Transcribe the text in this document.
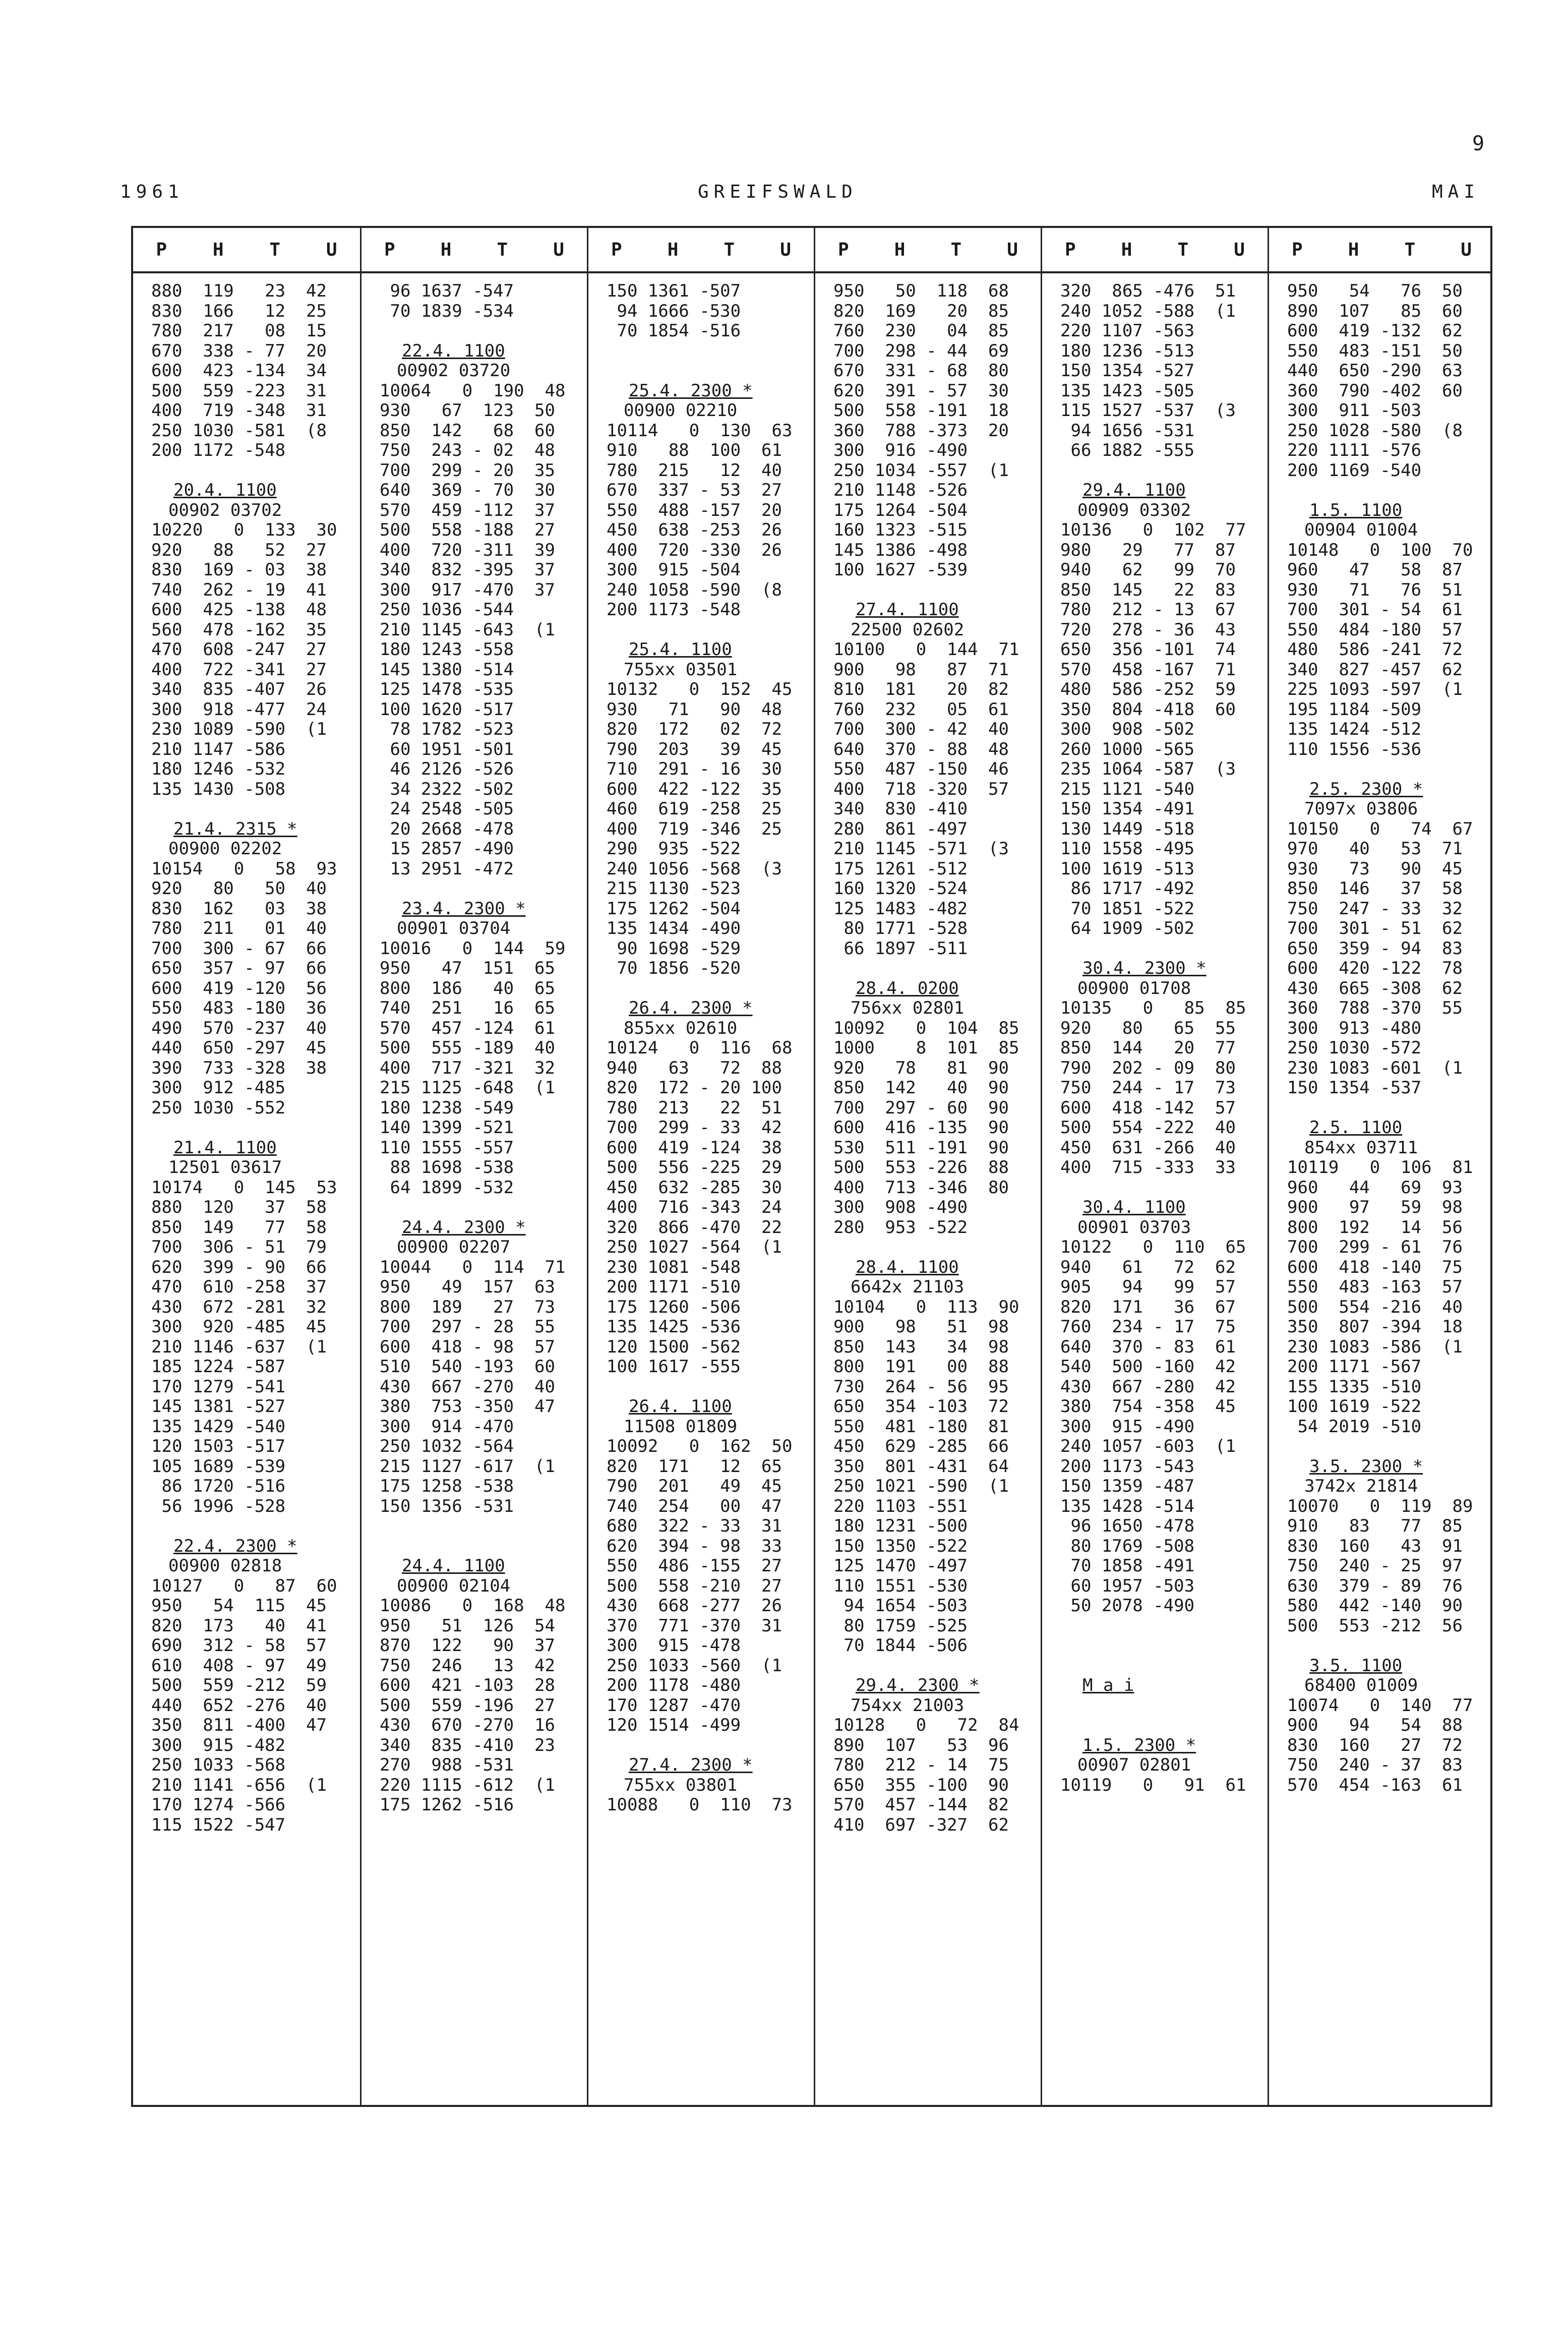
9
1961	GREIFSWALD	MAI
P	H	T	U
880  119   23  42
830  166   12  25
780  217   08  15
670  338 - 77  20
600  423 -134  34
500  559 -223  31
400  719 -348  31
250 1030 -581  (8
200 1172 -548
20.4. 1100
00902 03702
10220   0  133  30
920   88   52  27
830  169 - 03  38
740  262 - 19  41
600  425 -138  48
560  478 -162  35
470  608 -247  27
400  722 -341  27
340  835 -407  26
300  918 -477  24
230 1089 -590  (1
210 1147 -586
180 1246 -532
135 1430 -508
21.4. 2315 *
00900 02202
10154   0   58  93
920   80   50  40
830  162   03  38
780  211   01  40
700  300 - 67  66
650  357 - 97  66
600  419 -120  56
550  483 -180  36
490  570 -237  40
440  650 -297  45
390  733 -328  38
300  912 -485
250 1030 -552
21.4. 1100
12501 03617
10174   0  145  53
880  120   37  58
850  149   77  58
700  306 - 51  79
620  399 - 90  66
470  610 -258  37
430  672 -281  32
300  920 -485  45
210 1146 -637  (1
185 1224 -587
170 1279 -541
145 1381 -527
135 1429 -540
120 1503 -517
105 1689 -539
86 1720 -516
56 1996 -528
22.4. 2300 *
00900 02818
10127   0   87  60
950   54  115  45
820  173   40  41
690  312 - 58  57
610  408 - 97  49
500  559 -212  59
440  652 -276  40
350  811 -400  47
300  915 -482
250 1033 -568
210 1141 -656  (1
170 1274 -566
115 1522 -547
P	H	T	U
96 1637 -547
70 1839 -534
22.4. 1100
00902 03720
10064   0  190  48
930   67  123  50
850  142   68  60
750  243 - 02  48
700  299 - 20  35
640  369 - 70  30
570  459 -112  37
500  558 -188  27
400  720 -311  39
340  832 -395  37
300  917 -470  37
250 1036 -544
210 1145 -643  (1
180 1243 -558
145 1380 -514
125 1478 -535
100 1620 -517
78 1782 -523
60 1951 -501
46 2126 -526
34 2322 -502
24 2548 -505
20 2668 -478
15 2857 -490
13 2951 -472
23.4. 2300 *
00901 03704
10016   0  144  59
950   47  151  65
800  186   40  65
740  251   16  65
570  457 -124  61
500  555 -189  40
400  717 -321  32
215 1125 -648  (1
180 1238 -549
140 1399 -521
110 1555 -557
88 1698 -538
64 1899 -532
24.4. 2300 *
00900 02207
10044   0  114  71
950   49  157  63
800  189   27  73
700  297 - 28  55
600  418 - 98  57
510  540 -193  60
430  667 -270  40
380  753 -350  47
300  914 -470
250 1032 -564
215 1127 -617  (1
175 1258 -538
150 1356 -531
24.4. 1100
00900 02104
10086   0  168  48
950   51  126  54
870  122   90  37
750  246   13  42
600  421 -103  28
500  559 -196  27
430  670 -270  16
340  835 -410  23
270  988 -531
220 1115 -612  (1
175 1262 -516
P	H	T	U
150 1361 -507
94 1666 -530
70 1854 -516
25.4. 2300 *
00900 02210
10114   0  130  63
910   88  100  61
780  215   12  40
670  337 - 53  27
550  488 -157  20
450  638 -253  26
400  720 -330  26
300  915 -504
240 1058 -590  (8
200 1173 -548
25.4. 1100
755xx 03501
10132   0  152  45
930   71   90  48
820  172   02  72
790  203   39  45
710  291 - 16  30
600  422 -122  35
460  619 -258  25
400  719 -346  25
290  935 -522
240 1056 -568  (3
215 1130 -523
175 1262 -504
135 1434 -490
90 1698 -529
70 1856 -520
26.4. 2300 *
855xx 02610
10124   0  116  68
940   63   72  88
820  172 - 20 100
780  213   22  51
700  299 - 33  42
600  419 -124  38
500  556 -225  29
450  632 -285  30
400  716 -343  24
320  866 -470  22
250 1027 -564  (1
230 1081 -548
200 1171 -510
175 1260 -506
135 1425 -536
120 1500 -562
100 1617 -555
26.4. 1100
11508 01809
10092   0  162  50
820  171   12  65
790  201   49  45
740  254   00  47
680  322 - 33  31
620  394 - 98  33
550  486 -155  27
500  558 -210  27
430  668 -277  26
370  771 -370  31
300  915 -478
250 1033 -560  (1
200 1178 -480
170 1287 -470
120 1514 -499
27.4. 2300 *
755xx 03801
10088   0  110  73
P	H	T	U
950   50  118  68
820  169   20  85
760  230   04  85
700  298 - 44  69
670  331 - 68  80
620  391 - 57  30
500  558 -191  18
360  788 -373  20
300  916 -490
250 1034 -557  (1
210 1148 -526
175 1264 -504
160 1323 -515
145 1386 -498
100 1627 -539
27.4. 1100
22500 02602
10100   0  144  71
900   98   87  71
810  181   20  82
760  232   05  61
700  300 - 42  40
640  370 - 88  48
550  487 -150  46
400  718 -320  57
340  830 -410
280  861 -497
210 1145 -571  (3
175 1261 -512
160 1320 -524
125 1483 -482
80 1771 -528
66 1897 -511
28.4. 0200
756xx 02801
10092   0  104  85
1000    8  101  85
920   78   81  90
850  142   40  90
700  297 - 60  90
600  416 -135  90
530  511 -191  90
500  553 -226  88
400  713 -346  80
300  908 -490
280  953 -522
28.4. 1100
6642x 21103
10104   0  113  90
900   98   51  98
850  143   34  98
800  191   00  88
730  264 - 56  95
650  354 -103  72
550  481 -180  81
450  629 -285  66
350  801 -431  64
250 1021 -590  (1
220 1103 -551
180 1231 -500
150 1350 -522
125 1470 -497
110 1551 -530
94 1654 -503
80 1759 -525
70 1844 -506
29.4. 2300 *
754xx 21003
10128   0   72  84
890  107   53  96
780  212 - 14  75
650  355 -100  90
570  457 -144  82
410  697 -327  62
P	H	T	U
320  865 -476  51
240 1052 -588  (1
220 1107 -563
180 1236 -513
150 1354 -527
135 1423 -505
115 1527 -537  (3
94 1656 -531
66 1882 -555
29.4. 1100
00909 03302
10136   0  102  77
980   29   77  87
940   62   99  70
850  145   22  83
780  212 - 13  67
720  278 - 36  43
650  356 -101  74
570  458 -167  71
480  586 -252  59
350  804 -418  60
300  908 -502
260 1000 -565
235 1064 -587  (3
215 1121 -540
150 1354 -491
130 1449 -518
110 1558 -495
100 1619 -513
86 1717 -492
70 1851 -522
64 1909 -502
30.4. 2300 *
00900 01708
10135   0   85  85
920   80   65  55
850  144   20  77
790  202 - 09  80
750  244 - 17  73
600  418 -142  57
500  554 -222  40
450  631 -266  40
400  715 -333  33
30.4. 1100
00901 03703
10122   0  110  65
940   61   72  62
905   94   99  57
820  171   36  67
760  234 - 17  75
640  370 - 83  61
540  500 -160  42
430  667 -280  42
380  754 -358  45
300  915 -490
240 1057 -603  (1
200 1173 -543
150 1359 -487
135 1428 -514
96 1650 -478
80 1769 -508
70 1858 -491
60 1957 -503
50 2078 -490
M a i
1.5. 2300 *
00907 02801
10119   0   91  61
P	H	T	U
950   54   76  50
890  107   85  60
600  419 -132  62
550  483 -151  50
440  650 -290  63
360  790 -402  60
300  911 -503
250 1028 -580  (8
220 1111 -576
200 1169 -540
1.5. 1100
00904 01004
10148   0  100  70
960   47   58  87
930   71   76  51
700  301 - 54  61
550  484 -180  57
480  586 -241  72
340  827 -457  62
225 1093 -597  (1
195 1184 -509
135 1424 -512
110 1556 -536
2.5. 2300 *
7097x 03806
10150   0   74  67
970   40   53  71
930   73   90  45
850  146   37  58
750  247 - 33  32
700  301 - 51  62
650  359 - 94  83
600  420 -122  78
430  665 -308  62
360  788 -370  55
300  913 -480
250 1030 -572
230 1083 -601  (1
150 1354 -537
2.5. 1100
854xx 03711
10119   0  106  81
960   44   69  93
900   97   59  98
800  192   14  56
700  299 - 61  76
600  418 -140  75
550  483 -163  57
500  554 -216  40
350  807 -394  18
230 1083 -586  (1
200 1171 -567
155 1335 -510
100 1619 -522
54 2019 -510
3.5. 2300 *
3742x 21814
10070   0  119  89
910   83   77  85
830  160   43  91
750  240 - 25  97
630  379 - 89  76
580  442 -140  90
500  553 -212  56
3.5. 1100
68400 01009
10074   0  140  77
900   94   54  88
830  160   27  72
750  240 - 37  83
570  454 -163  61
